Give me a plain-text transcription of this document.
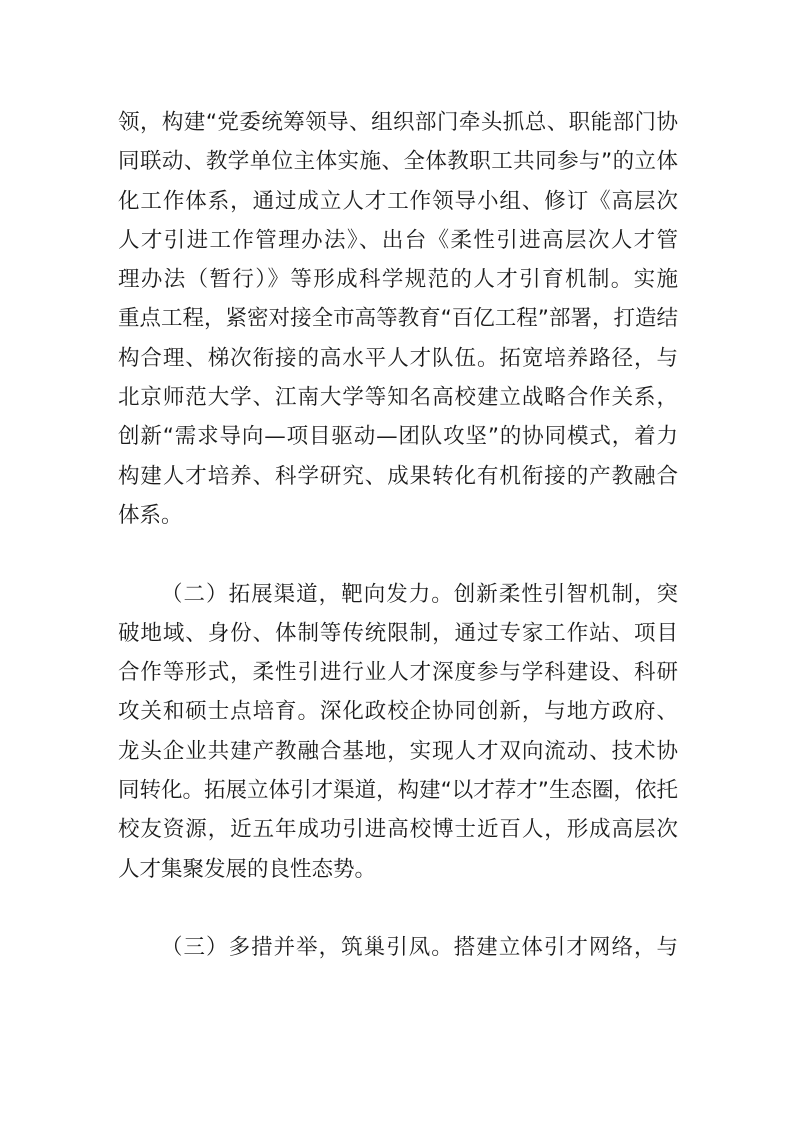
领，构建“党委统筹领导、组织部门牵头抓总、职能部门协
同联动、教学单位主体实施、全体教职工共同参与”的立体
化工作体系，通过成立人才工作领导小组、修订《高层次
人才引进工作管理办法》、出台《柔性引进高层次人才管
理办法（暂行）》等形成科学规范的人才引育机制。实施
重点工程，紧密对接全市高等教育“百亿工程”部署，打造结
构合理、梯次衔接的高水平人才队伍。拓宽培养路径，与
北京师范大学、江南大学等知名高校建立战略合作关系，
创新“需求导向—项目驱动—团队攻坚”的协同模式，着力
构建人才培养、科学研究、成果转化有机衔接的产教融合
体系。
（二）拓展渠道，靶向发力。创新柔性引智机制，突
破地域、身份、体制等传统限制，通过专家工作站、项目
合作等形式，柔性引进行业人才深度参与学科建设、科研
攻关和硕士点培育。深化政校企协同创新，与地方政府、
龙头企业共建产教融合基地，实现人才双向流动、技术协
同转化。拓展立体引才渠道，构建“以才荐才”生态圈，依托
校友资源，近五年成功引进高校博士近百人，形成高层次
人才集聚发展的良性态势。
（三）多措并举，筑巢引凤。搭建立体引才网络，与
